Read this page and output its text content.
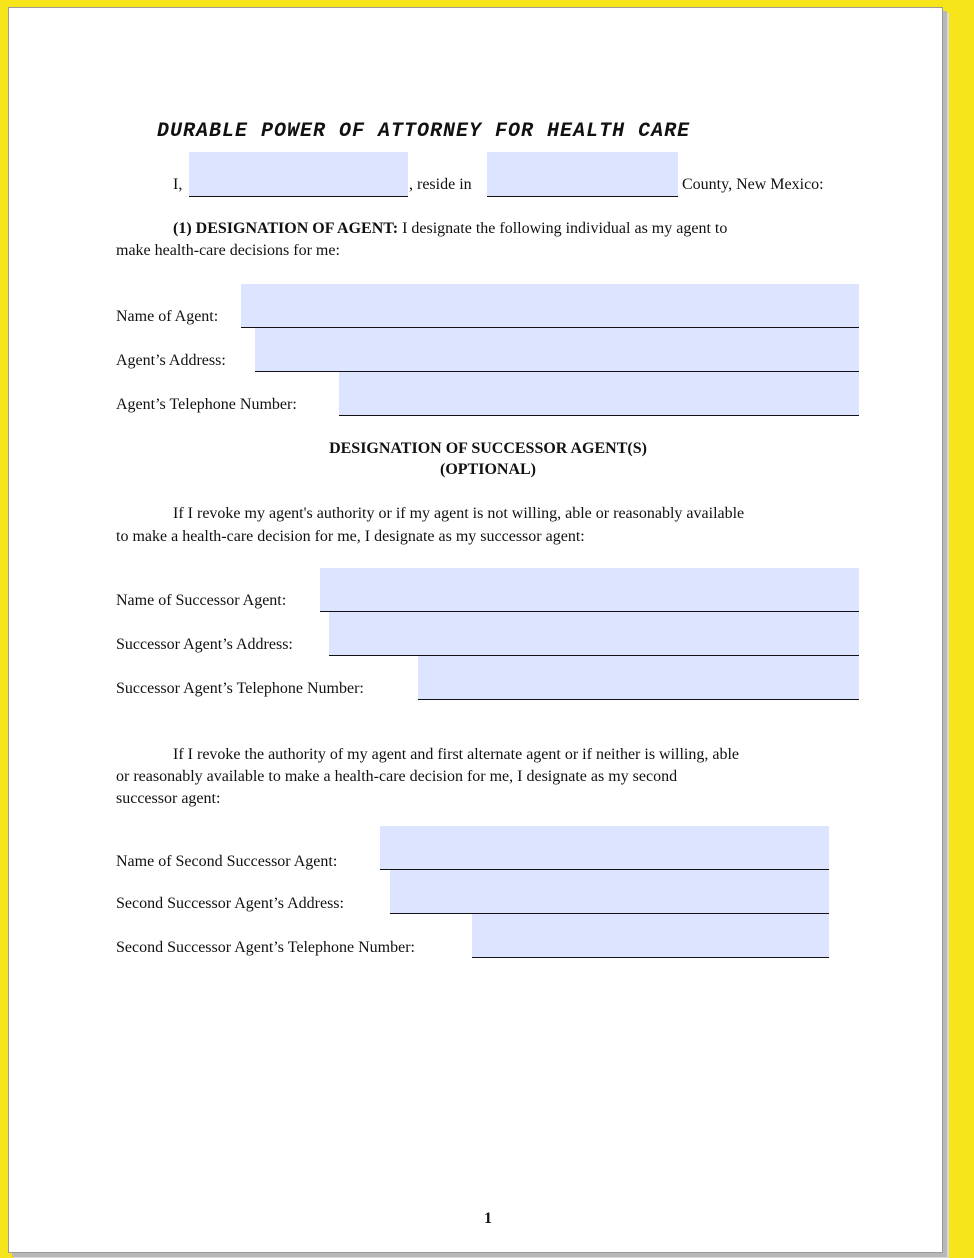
DURABLE POWER OF ATTORNEY FOR HEALTH CARE
I,	, reside in	County, New Mexico:
(1) DESIGNATION OF AGENT: I designate the following individual as my agent to
make health-care decisions for me:
Name of Agent:
Agent’s Address:
Agent’s Telephone Number:
DESIGNATION OF SUCCESSOR AGENT(S)
(OPTIONAL)
If I revoke my agent's authority or if my agent is not willing, able or reasonably available
to make a health-care decision for me, I designate as my successor agent:
Name of Successor Agent:
Successor Agent’s Address:
Successor Agent’s Telephone Number:
If I revoke the authority of my agent and first alternate agent or if neither is willing, able
or reasonably available to make a health-care decision for me, I designate as my second
successor agent:
Name of Second Successor Agent:
Second Successor Agent’s Address:
Second Successor Agent’s Telephone Number:
1
